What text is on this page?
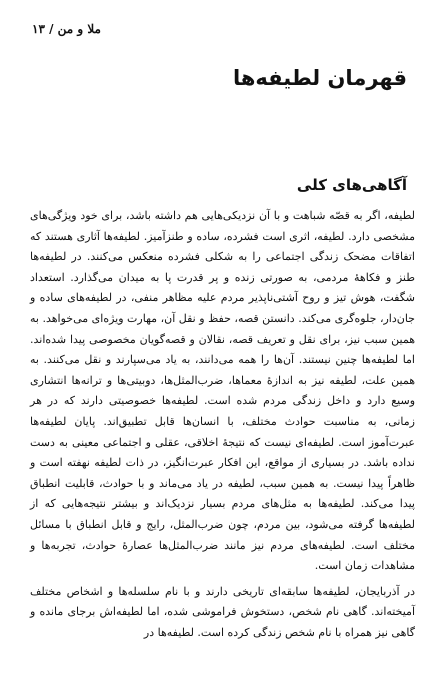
ملا و من / ۱۳
قهرمان لطیفه‌ها
آگاهی‌های کلی

لطیفه، اگر به قصّه شباهت و با آن نزدیکی‌هایی هم داشته باشد، برای خود ویژگی‌های مشخصی دارد. لطیفه، اثری است فشرده، ساده و طنزآمیز. لطیفه‌ها آثاری هستند که اتفاقات مضحک زندگی اجتماعی را به شکلی فشرده منعکس می‌کنند. در لطیفه‌ها طنز و فکاهۀ مردمی، به صورتی زنده و پر قدرت پا به میدان می‌گذارد. استعداد شگفت، هوش تیز و روح آشتی‌ناپذیر مردم علیه مظاهر منفی، در لطیفه‌های ساده و جان‌دار، جلوه‌گری می‌کند. دانستن قصه، حفظ و نقل آن، مهارت ویژه‌ای می‌خواهد. به همین سبب نیز، برای نقل و تعریف قصه، نقالان و قصه‌گویان مخصوصی پیدا شده‌اند. اما لطیفه‌ها چنین نیستند. آن‌ها را همه می‌دانند، به یاد می‌سپارند و نقل می‌کنند. به همین علت، لطیفه نیز به اندازۀ معماها، ضرب‌المثل‌ها، دوبیتی‌ها و ترانه‌ها انتشاری وسیع دارد و داخل زندگی مردم شده است. لطیفه‌ها خصوصیتی دارند که در هر زمانی، به مناسبت حوادث مختلف، با انسان‌ها قابل تطبیق‌اند. پایان لطیفه‌ها عبرت‌آموز است. لطیفه‌ای نیست که نتیجۀ اخلاقی، عقلی و اجتماعی معینی به دست نداده باشد. در بسیاری از مواقع، این افکار عبرت‌انگیز، در ذات لطیفه نهفته است و ظاهراً پیدا نیست. به همین سبب، لطیفه در یاد می‌ماند و با حوادث، قابلیت انطباق پیدا می‌کند. لطیفه‌ها به مثل‌های مردم بسیار نزدیک‌اند و بیشتر نتیجه‌هایی که از لطیفه‌ها گرفته می‌شود، بین مردم، چون ضرب‌المثل، رایج و قابل انطباق با مسائل مختلف است. لطیفه‌های مردم نیز مانند ضرب‌المثل‌ها عصارۀ حوادث، تجربه‌ها و مشاهدات زمان است.

در آذربایجان، لطیفه‌ها سابقه‌ای تاریخی دارند و با نام سلسله‌ها و اشخاص مختلف آمیخته‌اند. گاهی نام شخص، دستخوش فراموشی شده، اما لطیفه‌اش برجای مانده و گاهی نیز همراه با نام شخص زندگی کرده است. لطیفه‌ها در
